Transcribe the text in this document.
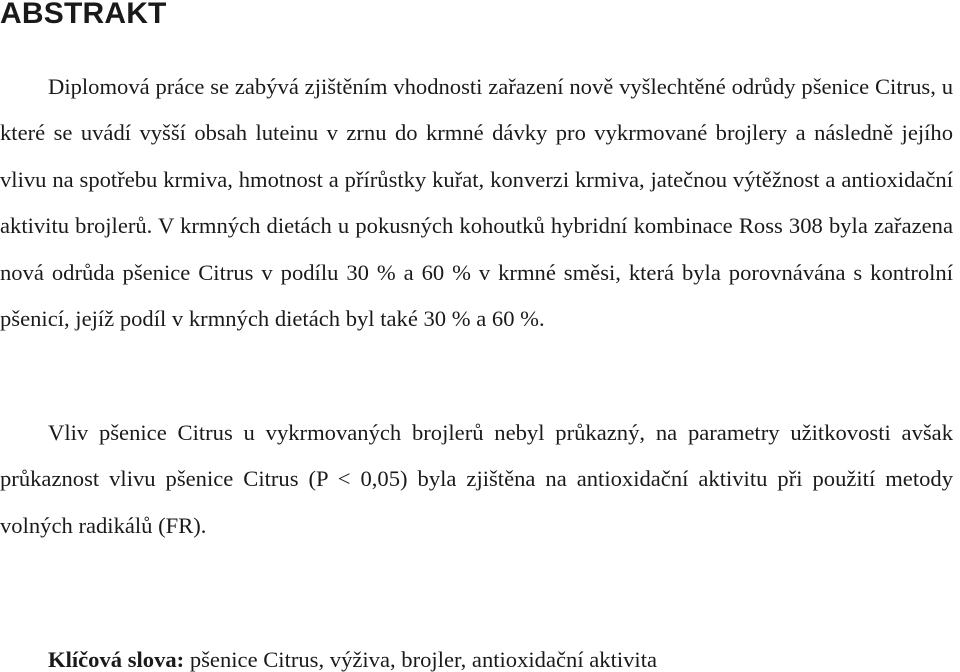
ABSTRAKT

Diplomová práce se zabývá zjištěním vhodnosti zařazení nově vyšlechtěné odrůdy pšenice Citrus, u které se uvádí vyšší obsah luteinu v zrnu do krmné dávky pro vykrmované brojlery a následně jejího vlivu na spotřebu krmiva, hmotnost a přírůstky kuřat, konverzi krmiva, jatečnou výtěžnost a antioxidační aktivitu brojlerů. V krmných dietách u pokusných kohoutků hybridní kombinace Ross 308 byla zařazena nová odrůda pšenice Citrus v podílu 30 % a 60 % v krmné směsi, která byla porovnávána s kontrolní pšenicí, jejíž podíl v krmných dietách byl také 30 % a 60 %.

Vliv pšenice Citrus u vykrmovaných brojlerů nebyl průkazný, na parametry užitkovosti avšak průkaznost vlivu pšenice Citrus (P < 0,05) byla zjištěna na antioxidační aktivitu při použití metody volných radikálů (FR).

Klíčová slova: pšenice Citrus, výživa, brojler, antioxidační aktivita
